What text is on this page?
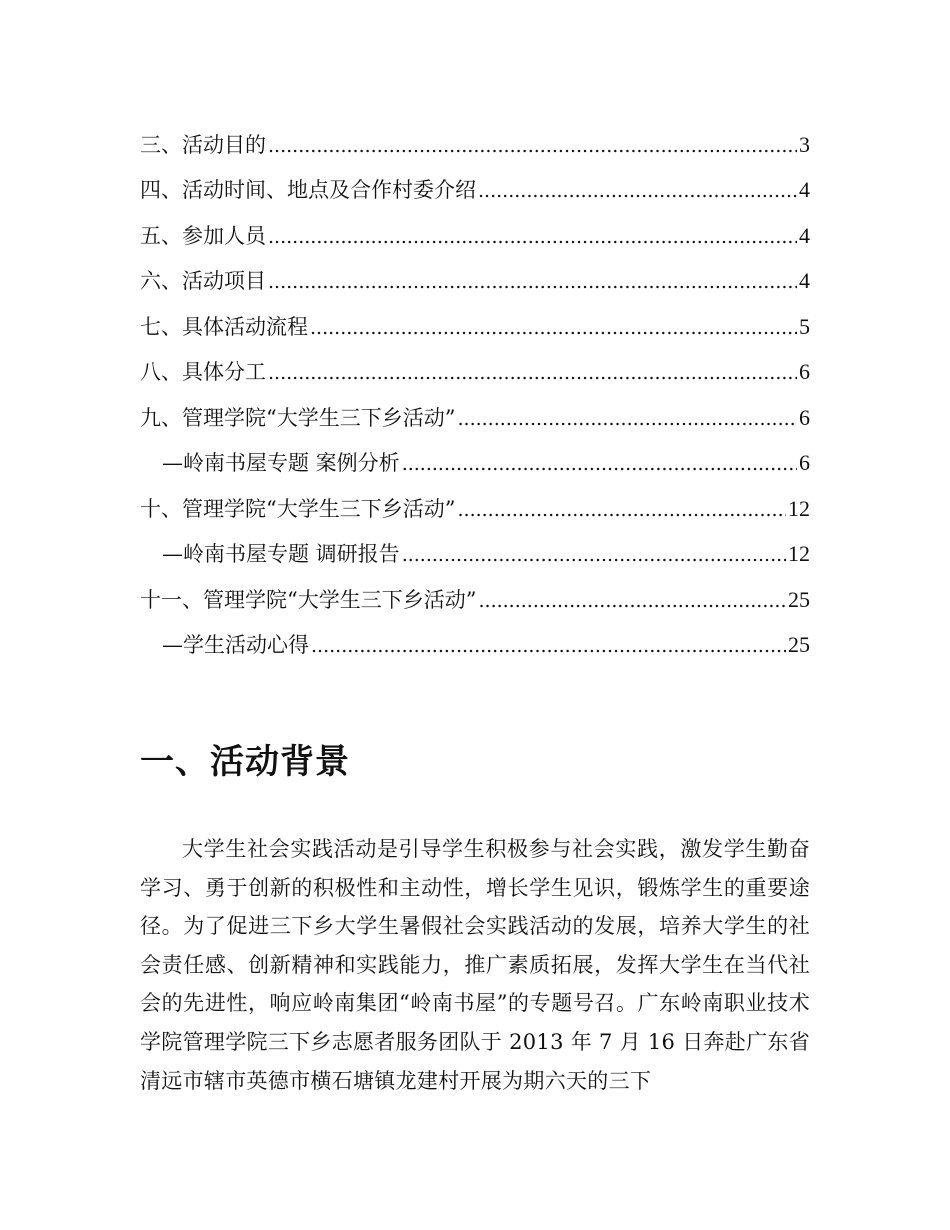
三、活动目的 .....	3
四、活动时间、地点及合作村委介绍 .....	4
五、参加人员 .....	4
六、活动项目 .....	4
七、具体活动流程 .....	5
八、具体分工 .....	6
九、管理学院“大学生三下乡活动” .....	6
—岭南书屋专题 案例分析 .....	6
十、管理学院“大学生三下乡活动” .....	12
—岭南书屋专题 调研报告 .....	12
十一、管理学院“大学生三下乡活动” .....	25
—学生活动心得 .....	25
一、活动背景

大学生社会实践活动是引导学生积极参与社会实践，激发学生勤奋学习、勇于创新的积极性和主动性，增长学生见识，锻炼学生的重要途径。为了促进三下乡大学生暑假社会实践活动的发展，培养大学生的社会责任感、创新精神和实践能力，推广素质拓展，发挥大学生在当代社会的先进性，响应岭南集团“岭南书屋”的专题号召。广东岭南职业技术学院管理学院三下乡志愿者服务团队于 2013 年 7 月 16 日奔赴广东省清远市辖市英德市横石塘镇龙建村开展为期六天的三下
